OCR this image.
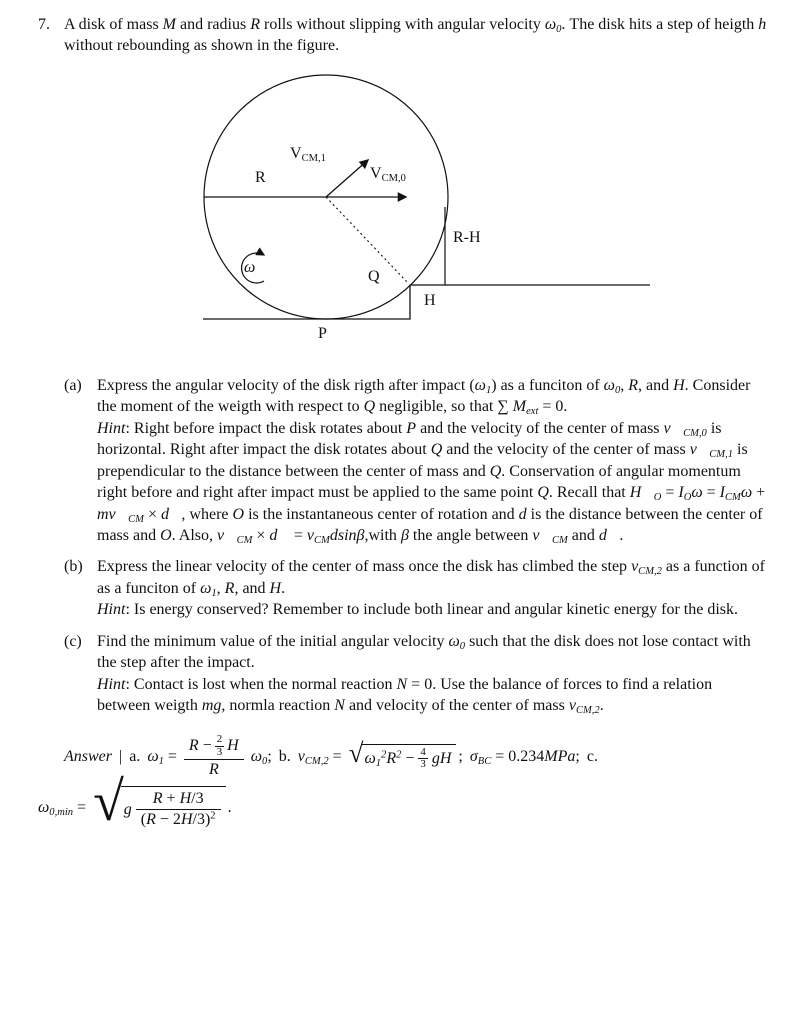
7. A disk of mass M and radius R rolls without slipping with angular velocity $\omega_0$. The disk hits a step of heigth h without rebounding as shown in the figure.
R
$V_{CM,1}$
$V_{CM,0}$
ω
Q
P
R-H
H
(a) Express the angular velocity of the disk rigth after impact $(\omega_1)$ as a funciton of $\omega_0$, R, and H. Consider the moment of the weigth with respect to Q negligible, so that ∑ $M_{ext} = 0$.

Hint: Right before impact the disk rotates about P and the velocity of the center of mass $v⃗_{CM,0}$ is horizontal. Right after impact the disk rotates about Q and the velocity of the center of mass $v⃗_{CM,1}$ is prependicular to the distance between the center of mass and Q. Conservation of angular momentum right before and right after impact must be applied to the same point Q. Recall that $H⃗_O = I_O\omega = I_{CM}\omega$ + $mv⃗_{CM}$ × d⃗, where O is the instantaneous center of rotation and d is the distance between the center of mass and O. Also, $v⃗_{CM}$ × d⃗ = $v_{CM}dsin\beta,with$ β the angle between $v⃗_{CM}$ and d⃗.

(b) Express the linear velocity of the center of mass once the disk has climbed the step $v_{CM,2}$ as a function of as a funciton of $\omega_1$, R, and H.

Hint: Is energy conserved? Remember to include both linear and angular kinetic energy for the disk.

(c) Find the minimum value of the initial angular velocity $\omega_0$ such that the disk does not lose contact with the step after the impact.

Hint: Contact is lost when the normal reaction N = 0. Use the balance of forces to find a relation between weigth mg, normla reaction N and velocity of the center of mass $v_{CM,2}$.

Answer | a. $\omega_1$ =
$R - \frac{2}{3}$ H
R
$\omega_0$; b. $v_{CM,2}$ = √ $\omega_1^2R^2 - \frac{4}{3}$ gH ; $\sigma_{BC} = 0.234MPa$; c.
$\omega_{0,min}$ = √ g $\frac{R + H/3}{(R - 2H/3)^2}$ .
